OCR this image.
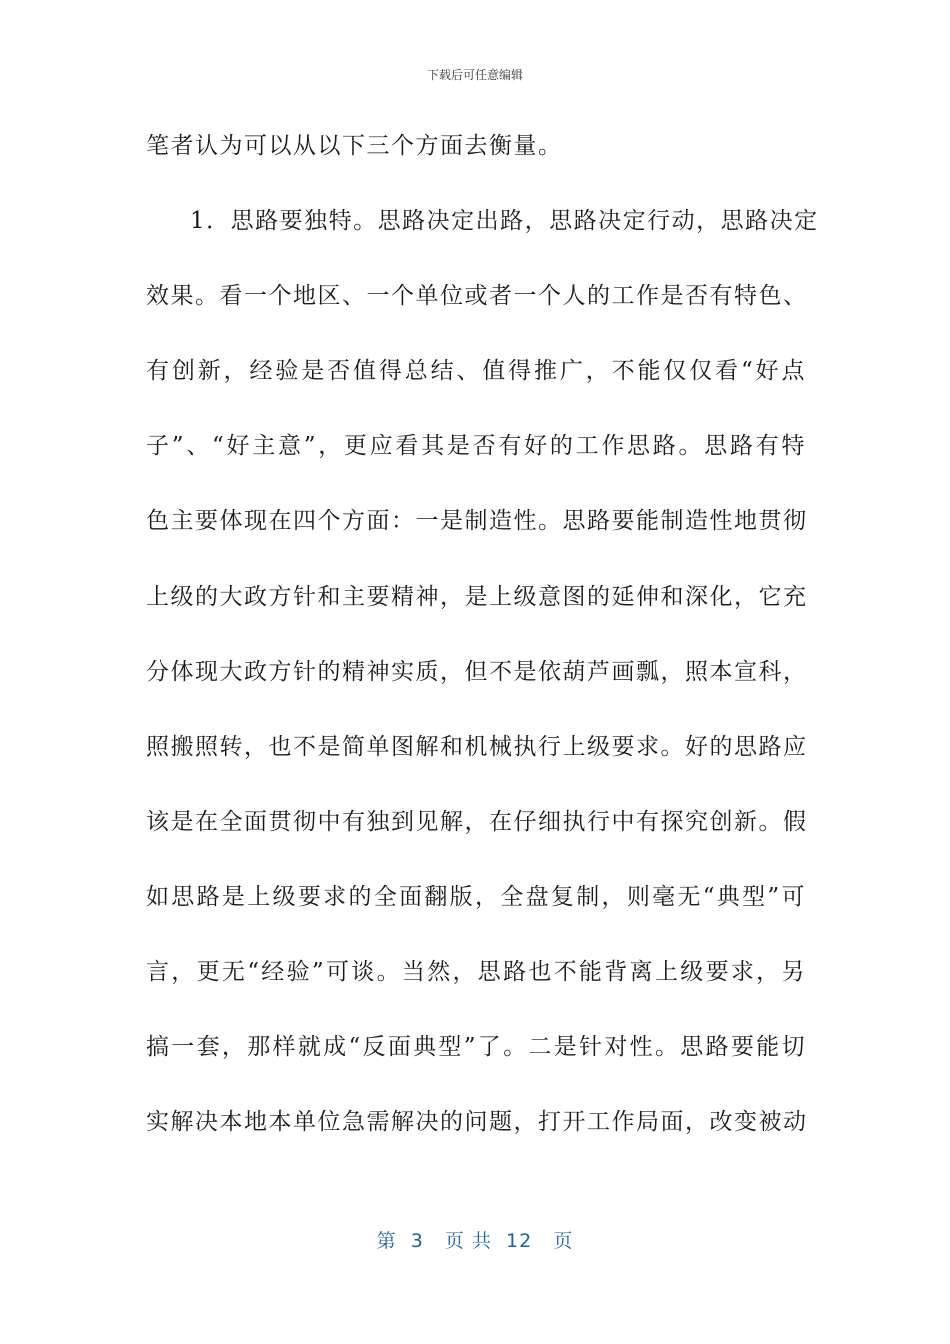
下载后可任意编辑
笔者认为可以从以下三个方面去衡量。
1．思路要独特。思路决定出路，思路决定行动，思路决定
效果。看一个地区、一个单位或者一个人的工作是否有特色、
有创新，经验是否值得总结、值得推广，不能仅仅看“好点
子”、“好主意”，更应看其是否有好的工作思路。思路有特
色主要体现在四个方面：一是制造性。思路要能制造性地贯彻
上级的大政方针和主要精神，是上级意图的延伸和深化，它充
分体现大政方针的精神实质，但不是依葫芦画瓢，照本宣科，
照搬照转，也不是简单图解和机械执行上级要求。好的思路应
该是在全面贯彻中有独到见解，在仔细执行中有探究创新。假
如思路是上级要求的全面翻版，全盘复制，则毫无“典型”可
言，更无“经验”可谈。当然，思路也不能背离上级要求，另
搞一套，那样就成“反面典型”了。二是针对性。思路要能切
实解决本地本单位急需解决的问题，打开工作局面，改变被动
第  3   页 共  12   页
